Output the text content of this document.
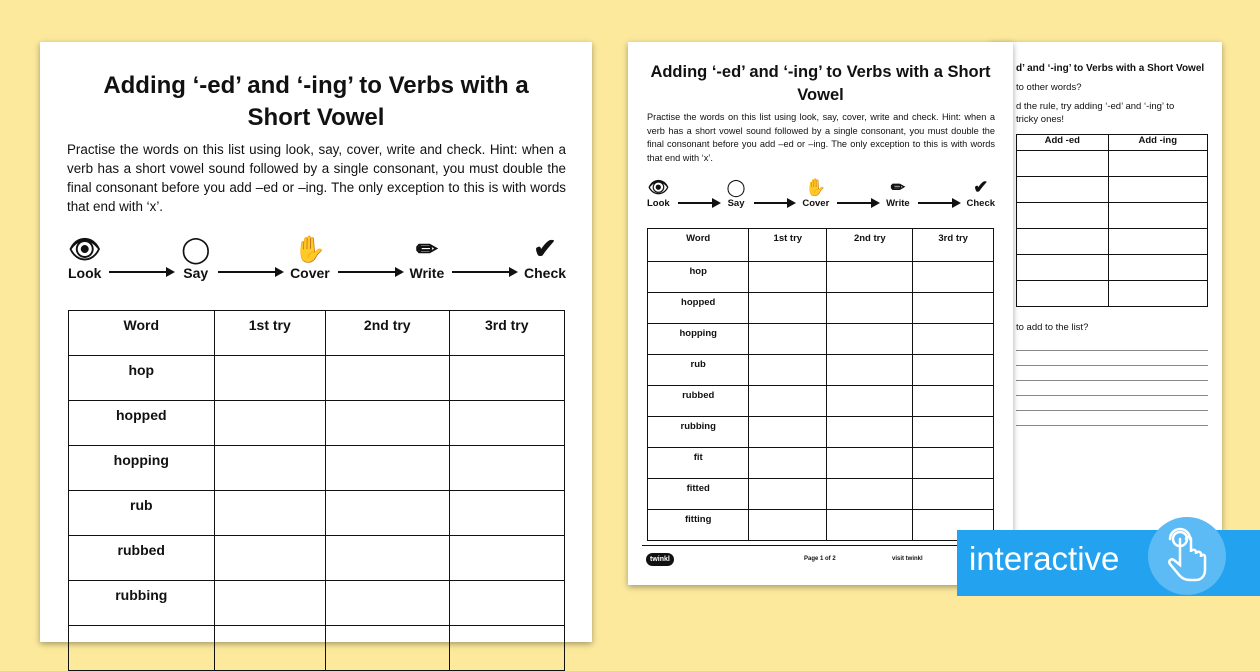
Adding ‘-ed’ and ‘-ing’ to Verbs with a Short Vowel

Practise the words on this list using look, say, cover, write and check. Hint: when a verb has a short vowel sound followed by a single consonant, you must double the final consonant before you add –ed or –ing. The only exception to this is with words that end with ‘x’.

👁
Look
◯
Say
✋
Cover
✏
Write
✔
Check
Word	1st try	2nd try	3rd try
hop			
hopped			
hopping			
rub			
rubbed			
rubbing			

d’ and ‘-ing’ to Verbs with a Short Vowel
to other words?
d the rule, try adding ‘-ed’ and ‘-ing’ to
tricky ones!
Add -ed	Add -ing

to add to the list?
Adding ‘-ed’ and ‘-ing’ to Verbs with a Short Vowel

Practise the words on this list using look, say, cover, write and check. Hint: when a verb has a short vowel sound followed by a single consonant, you must double the final consonant before you add –ed or –ing. The only exception to this is with words that end with ‘x’.

👁
Look
◯
Say
✋
Cover
✏
Write
✔
Check
Word	1st try	2nd try	3rd try
hop			
hopped			
hopping			
rub			
rubbed			
rubbing			
fit			
fitted			
fitting			
twinkl	Page 1 of 2	visit twinkl interactive
